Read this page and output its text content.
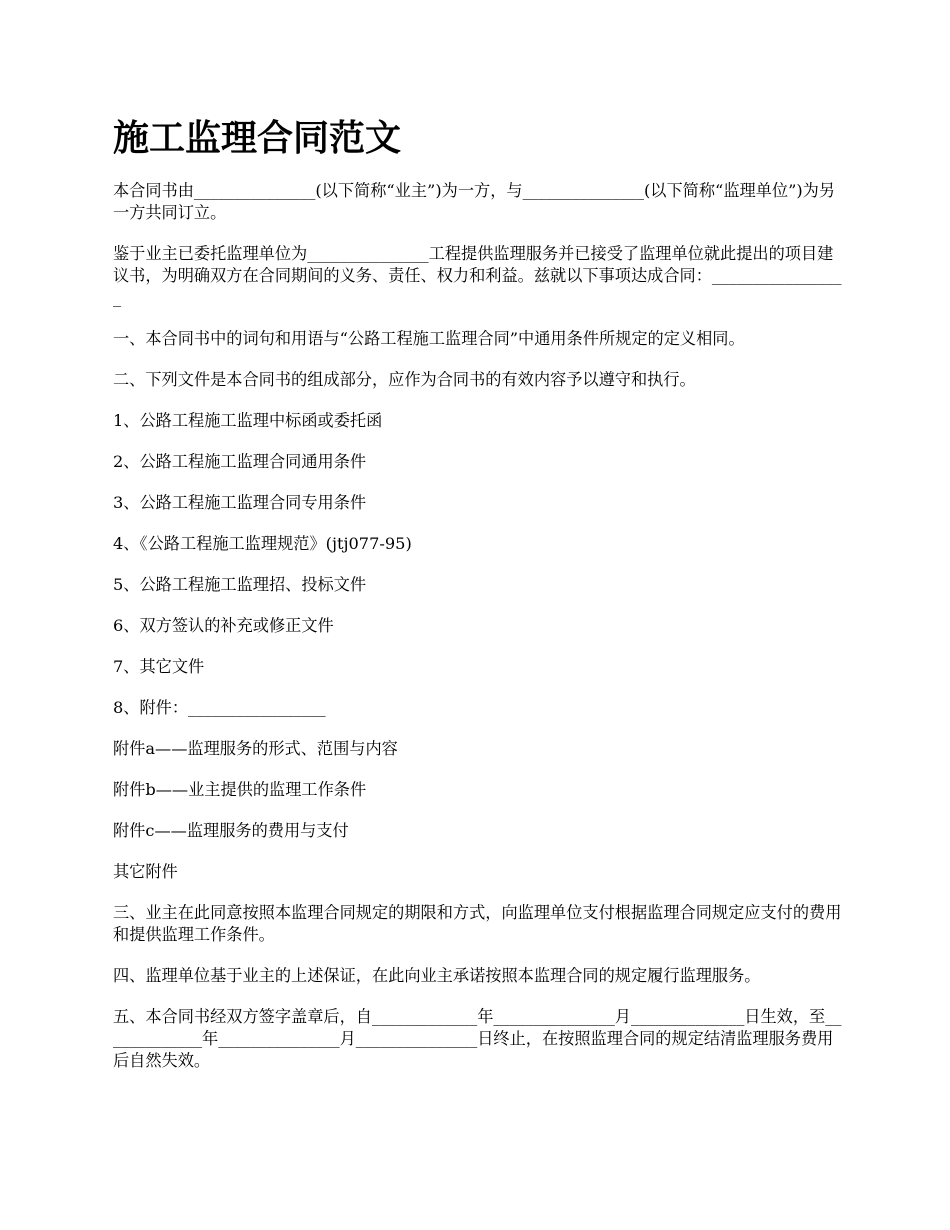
施工监理合同范文

本合同书由_______________(以下简称“业主”)为一方，与_______________(以下简称“监理单位”)为另一方共同订立。

鉴于业主已委托监理单位为_______________工程提供监理服务并已接受了监理单位就此提出的项目建议书，为明确双方在合同期间的义务、责任、权力和利益。兹就以下事项达成合同：_________________

一、本合同书中的词句和用语与“公路工程施工监理合同”中通用条件所规定的定义相同。

二、下列文件是本合同书的组成部分，应作为合同书的有效内容予以遵守和执行。

1、公路工程施工监理中标函或委托函

2、公路工程施工监理合同通用条件

3、公路工程施工监理合同专用条件

4、《公路工程施工监理规范》(jtj077-95)

5、公路工程施工监理招、投标文件

6、双方签认的补充或修正文件

7、其它文件

8、附件：_________________

附件a——监理服务的形式、范围与内容

附件b——业主提供的监理工作条件

附件c——监理服务的费用与支付

其它附件

三、业主在此同意按照本监理合同规定的期限和方式，向监理单位支付根据监理合同规定应支付的费用和提供监理工作条件。

四、监理单位基于业主的上述保证，在此向业主承诺按照本监理合同的规定履行监理服务。

五、本合同书经双方签字盖章后，自_____________年_______________月______________日生效，至_____________年_______________月_______________日终止，在按照监理合同的规定结清监理服务费用后自然失效。
